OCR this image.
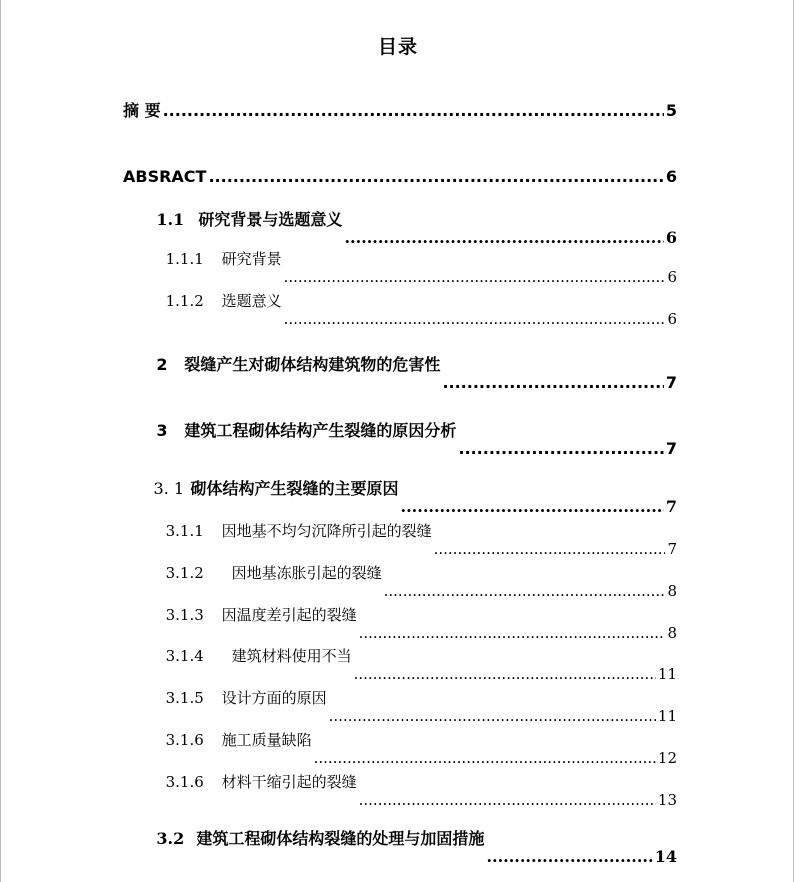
目录
摘 要 .....	5
ABSRACT .....	6

1.1 研究背景与选题意义

.....
6

1.1.1 研究背景

.....
6

1.1.2 选题意义

.....
6

2 裂缝产生对砌体结构建筑物的危害性

.....
7

3 建筑工程砌体结构产生裂缝的原因分析

.....
7

3. 1 砌体结构产生裂缝的主要原因

.....
7

3.1.1 因地基不均匀沉降所引起的裂缝

.....
7

3.1.2 因地基冻胀引起的裂缝

.....
8

3.1.3 因温度差引起的裂缝

.....
8

3.1.4 建筑材料使用不当

.....
11

3.1.5 设计方面的原因

.....
11

3.1.6 施工质量缺陷

.....
12

3.1.6 材料干缩引起的裂缝

.....
13

3.2 建筑工程砌体结构裂缝的处理与加固措施

.....
14
